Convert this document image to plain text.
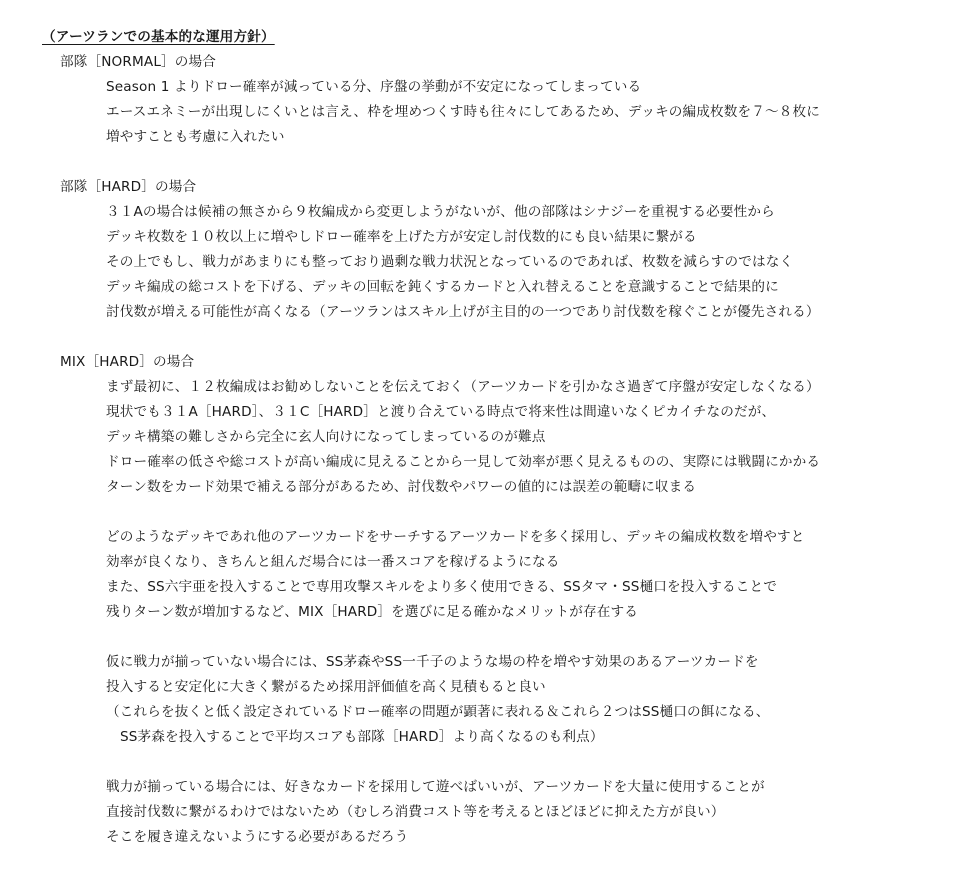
（アーツランでの基本的な運用方針）
部隊［NORMAL］の場合
Season 1 よりドロー確率が減っている分、序盤の挙動が不安定になってしまっている
エースエネミーが出現しにくいとは言え、枠を埋めつくす時も往々にしてあるため、デッキの編成枚数を７〜８枚に
増やすことも考慮に入れたい
部隊［HARD］の場合
３１Aの場合は候補の無さから９枚編成から変更しようがないが、他の部隊はシナジーを重視する必要性から
デッキ枚数を１０枚以上に増やしドロー確率を上げた方が安定し討伐数的にも良い結果に繋がる
その上でもし、戦力があまりにも整っており過剰な戦力状況となっているのであれば、枚数を減らすのではなく
デッキ編成の総コストを下げる、デッキの回転を鈍くするカードと入れ替えることを意識することで結果的に
討伐数が増える可能性が高くなる（アーツランはスキル上げが主目的の一つであり討伐数を稼ぐことが優先される）
MIX［HARD］の場合
まず最初に、１２枚編成はお勧めしないことを伝えておく（アーツカードを引かなさ過ぎて序盤が安定しなくなる）
現状でも３１A［HARD］、３１C［HARD］と渡り合えている時点で将来性は間違いなくピカイチなのだが、
デッキ構築の難しさから完全に玄人向けになってしまっているのが難点
ドロー確率の低さや総コストが高い編成に見えることから一見して効率が悪く見えるものの、実際には戦闘にかかる
ターン数をカード効果で補える部分があるため、討伐数やパワーの値的には誤差の範疇に収まる
どのようなデッキであれ他のアーツカードをサーチするアーツカードを多く採用し、デッキの編成枚数を増やすと
効率が良くなり、きちんと組んだ場合には一番スコアを稼げるようになる
また、SS六宇亜を投入することで専用攻撃スキルをより多く使用できる、SSタマ・SS樋口を投入することで
残りターン数が増加するなど、MIX［HARD］を選びに足る確かなメリットが存在する
仮に戦力が揃っていない場合には、SS茅森やSS一千子のような場の枠を増やす効果のあるアーツカードを
投入すると安定化に大きく繋がるため採用評価値を高く見積もると良い
（これらを抜くと低く設定されているドロー確率の問題が顕著に表れる＆これら２つはSS樋口の餌になる、
SS茅森を投入することで平均スコアも部隊［HARD］より高くなるのも利点）
戦力が揃っている場合には、好きなカードを採用して遊べばいいが、アーツカードを大量に使用することが
直接討伐数に繋がるわけではないため（むしろ消費コスト等を考えるとほどほどに抑えた方が良い）
そこを履き違えないようにする必要があるだろう
